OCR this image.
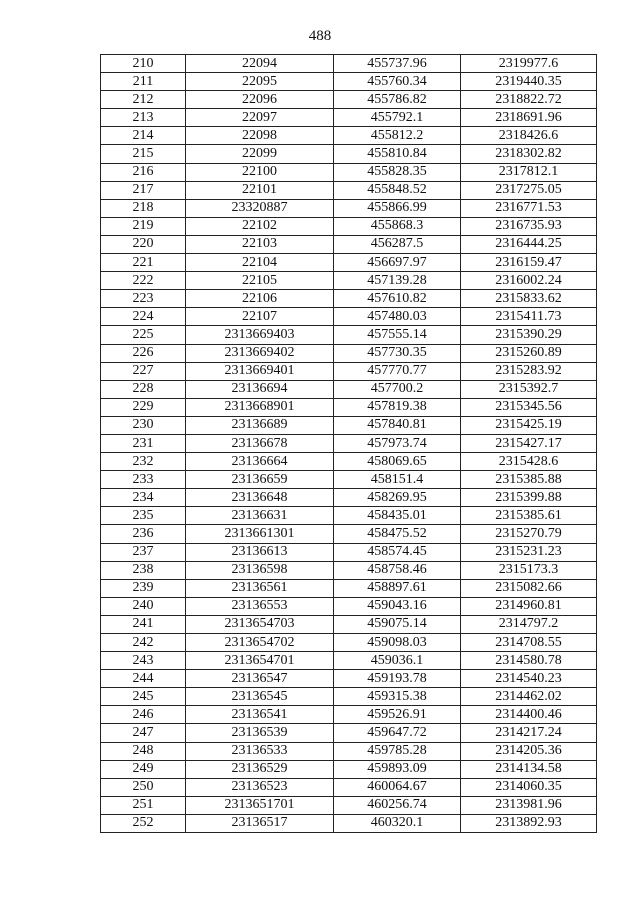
488
210	22094	455737.96	2319977.6
211	22095	455760.34	2319440.35
212	22096	455786.82	2318822.72
213	22097	455792.1	2318691.96
214	22098	455812.2	2318426.6
215	22099	455810.84	2318302.82
216	22100	455828.35	2317812.1
217	22101	455848.52	2317275.05
218	23320887	455866.99	2316771.53
219	22102	455868.3	2316735.93
220	22103	456287.5	2316444.25
221	22104	456697.97	2316159.47
222	22105	457139.28	2316002.24
223	22106	457610.82	2315833.62
224	22107	457480.03	2315411.73
225	2313669403	457555.14	2315390.29
226	2313669402	457730.35	2315260.89
227	2313669401	457770.77	2315283.92
228	23136694	457700.2	2315392.7
229	2313668901	457819.38	2315345.56
230	23136689	457840.81	2315425.19
231	23136678	457973.74	2315427.17
232	23136664	458069.65	2315428.6
233	23136659	458151.4	2315385.88
234	23136648	458269.95	2315399.88
235	23136631	458435.01	2315385.61
236	2313661301	458475.52	2315270.79
237	23136613	458574.45	2315231.23
238	23136598	458758.46	2315173.3
239	23136561	458897.61	2315082.66
240	23136553	459043.16	2314960.81
241	2313654703	459075.14	2314797.2
242	2313654702	459098.03	2314708.55
243	2313654701	459036.1	2314580.78
244	23136547	459193.78	2314540.23
245	23136545	459315.38	2314462.02
246	23136541	459526.91	2314400.46
247	23136539	459647.72	2314217.24
248	23136533	459785.28	2314205.36
249	23136529	459893.09	2314134.58
250	23136523	460064.67	2314060.35
251	2313651701	460256.74	2313981.96
252	23136517	460320.1	2313892.93
